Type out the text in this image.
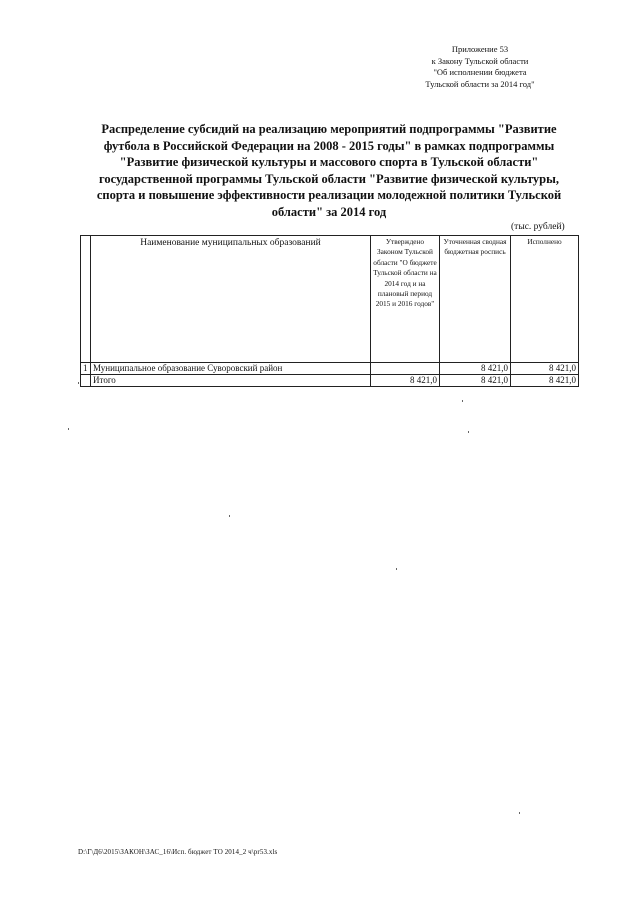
Приложение 53
к Закону Тульской области
"Об исполнении бюджета
Тульской области за 2014 год"
Распределение субсидий на реализацию мероприятий подпрограммы "Развитие футбола в Российской Федерации на 2008 - 2015 годы" в рамках подпрограммы "Развитие физической культуры и массового спорта в Тульской области" государственной программы Тульской области "Развитие физической культуры, спорта и повышение эффективности реализации молодежной политики Тульской области" за 2014 год
(тыс. рублей)
	Наименование муниципальных образований	Утверждено Законом Тульской области "О бюджете Тульской области на 2014 год и на плановый период 2015 и 2016 годов"	Уточненная сводная бюджетная роспись	Исполнено
1	Муниципальное образование Суворовский район		8 421,0	8 421,0
	Итого	8 421,0	8 421,0	8 421,0
D:\Г\Д6\2015\ЗАКОН\ЗАС_16\Исп. бюджет ТО 2014_2 ч\pr53.xls
